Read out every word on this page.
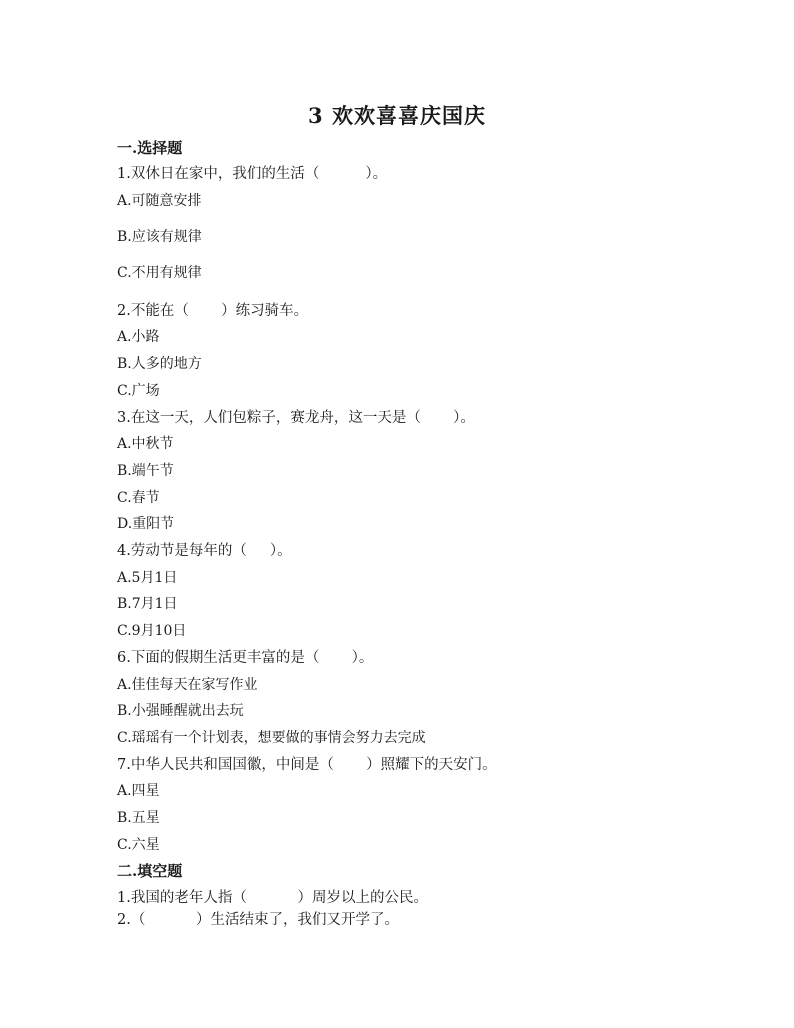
3 欢欢喜喜庆国庆
一.选择题
1.双休日在家中，我们的生活（          ）。
A.可随意安排
B.应该有规律
C.不用有规律
2.不能在（       ）练习骑车。
A.小路
B.人多的地方
C.广场
3.在这一天，人们包粽子，赛龙舟，这一天是（       ）。
A.中秋节
B.端午节
C.春节
D.重阳节
4.劳动节是每年的（     ）。
A.5月1日
B.7月1日
C.9月10日
6.下面的假期生活更丰富的是（       ）。
A.佳佳每天在家写作业
B.小强睡醒就出去玩
C.瑶瑶有一个计划表，想要做的事情会努力去完成
7.中华人民共和国国徽，中间是（       ）照耀下的天安门。
A.四星
B.五星
C.六星
二.填空题
1.我国的老年人指（           ）周岁以上的公民。
2.（           ）生活结束了，我们又开学了。
